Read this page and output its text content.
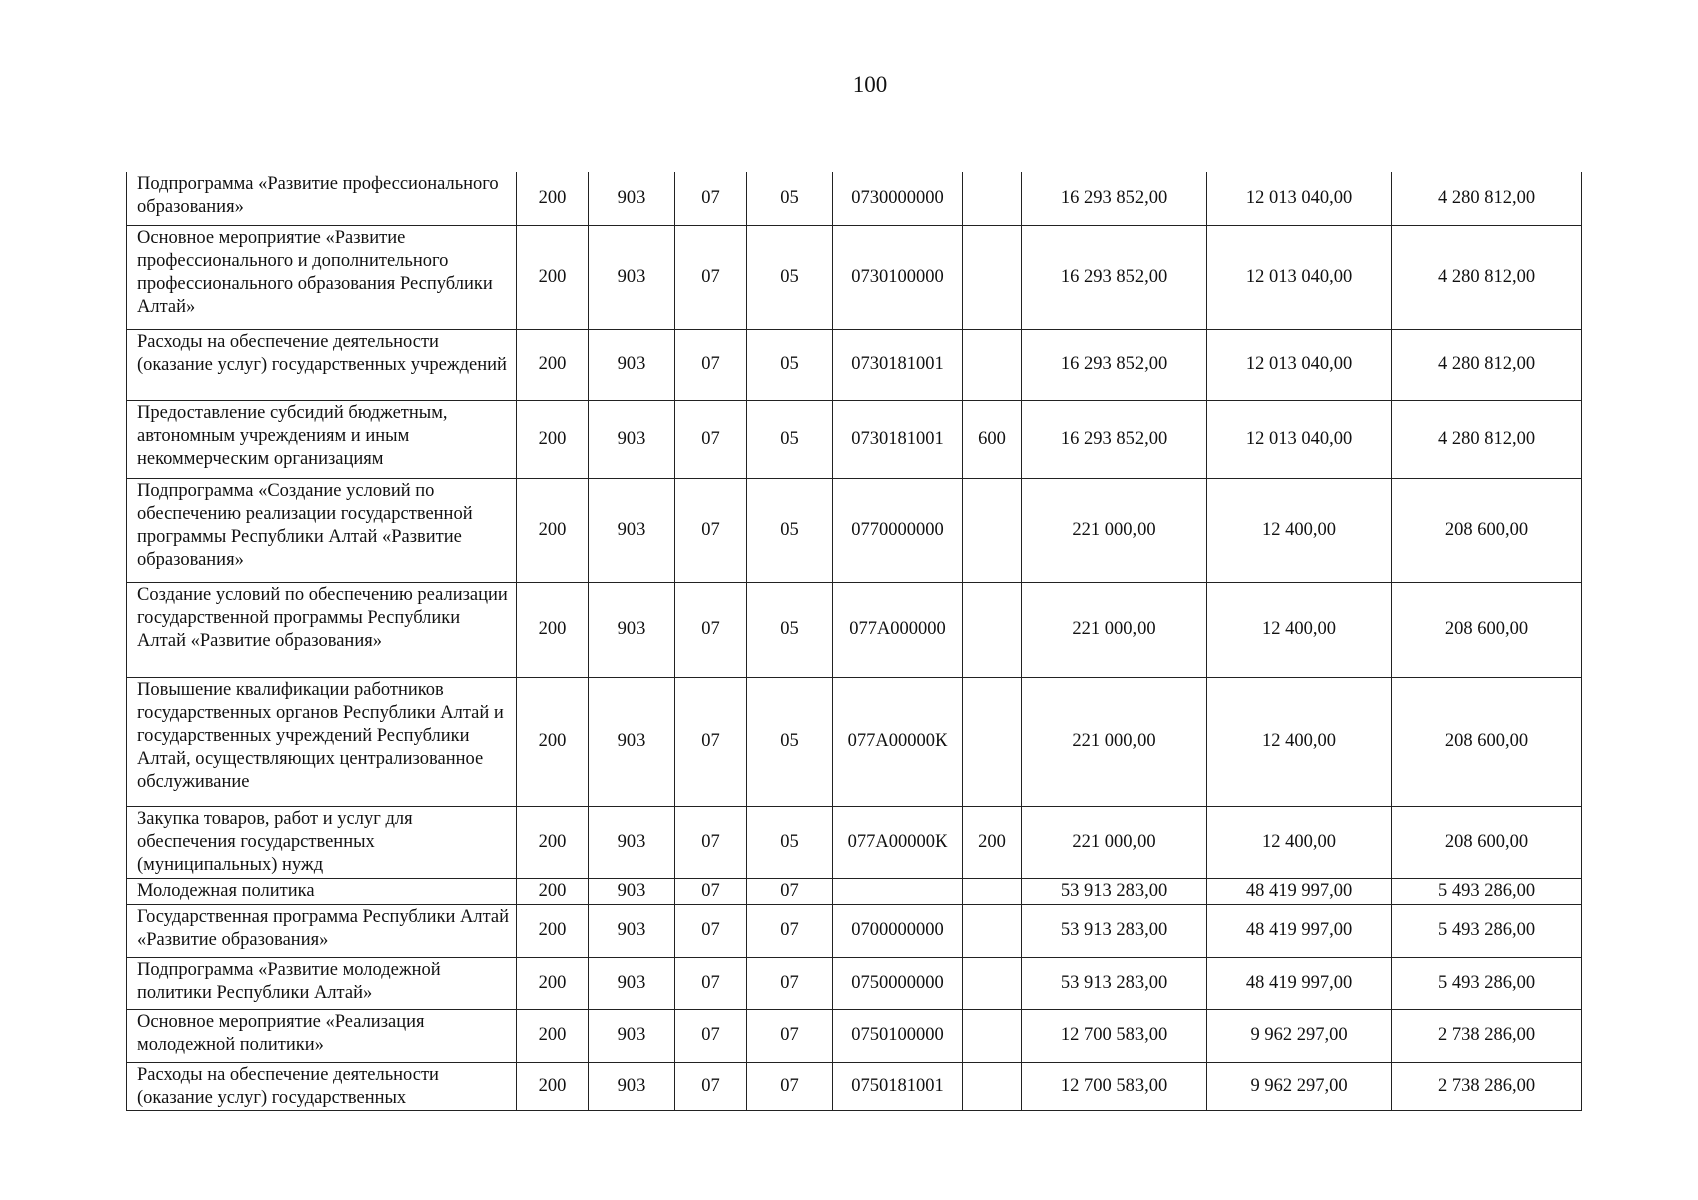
100
Подпрограмма «Развитие профессионального образования»	200	903	07	05	0730000000		16 293 852,00	12 013 040,00	4 280 812,00
Основное мероприятие «Развитие профессионального и дополнительного профессионального образования Республики Алтай»	200	903	07	05	0730100000		16 293 852,00	12 013 040,00	4 280 812,00
Расходы на обеспечение деятельности (оказание услуг) государственных учреждений	200	903	07	05	0730181001		16 293 852,00	12 013 040,00	4 280 812,00
Предоставление субсидий бюджетным, автономным учреждениям и иным некоммерческим организациям	200	903	07	05	0730181001	600	16 293 852,00	12 013 040,00	4 280 812,00
Подпрограмма «Создание условий по обеспечению реализации государственной программы Республики Алтай «Развитие образования»	200	903	07	05	0770000000		221 000,00	12 400,00	208 600,00
Создание условий по обеспечению реализации государственной программы Республики Алтай «Развитие образования»	200	903	07	05	077А000000		221 000,00	12 400,00	208 600,00
Повышение квалификации работников государственных органов Республики Алтай и государственных учреждений Республики Алтай, осуществляющих централизованное обслуживание	200	903	07	05	077А00000К		221 000,00	12 400,00	208 600,00
Закупка товаров, работ и услуг для обеспечения государственных (муниципальных) нужд	200	903	07	05	077А00000К	200	221 000,00	12 400,00	208 600,00
Молодежная политика	200	903	07	07			53 913 283,00	48 419 997,00	5 493 286,00
Государственная программа Республики Алтай «Развитие образования»	200	903	07	07	0700000000		53 913 283,00	48 419 997,00	5 493 286,00
Подпрограмма «Развитие молодежной политики Республики Алтай»	200	903	07	07	0750000000		53 913 283,00	48 419 997,00	5 493 286,00
Основное мероприятие «Реализация молодежной политики»	200	903	07	07	0750100000		12 700 583,00	9 962 297,00	2 738 286,00
Расходы на обеспечение деятельности (оказание услуг) государственных	200	903	07	07	0750181001		12 700 583,00	9 962 297,00	2 738 286,00
